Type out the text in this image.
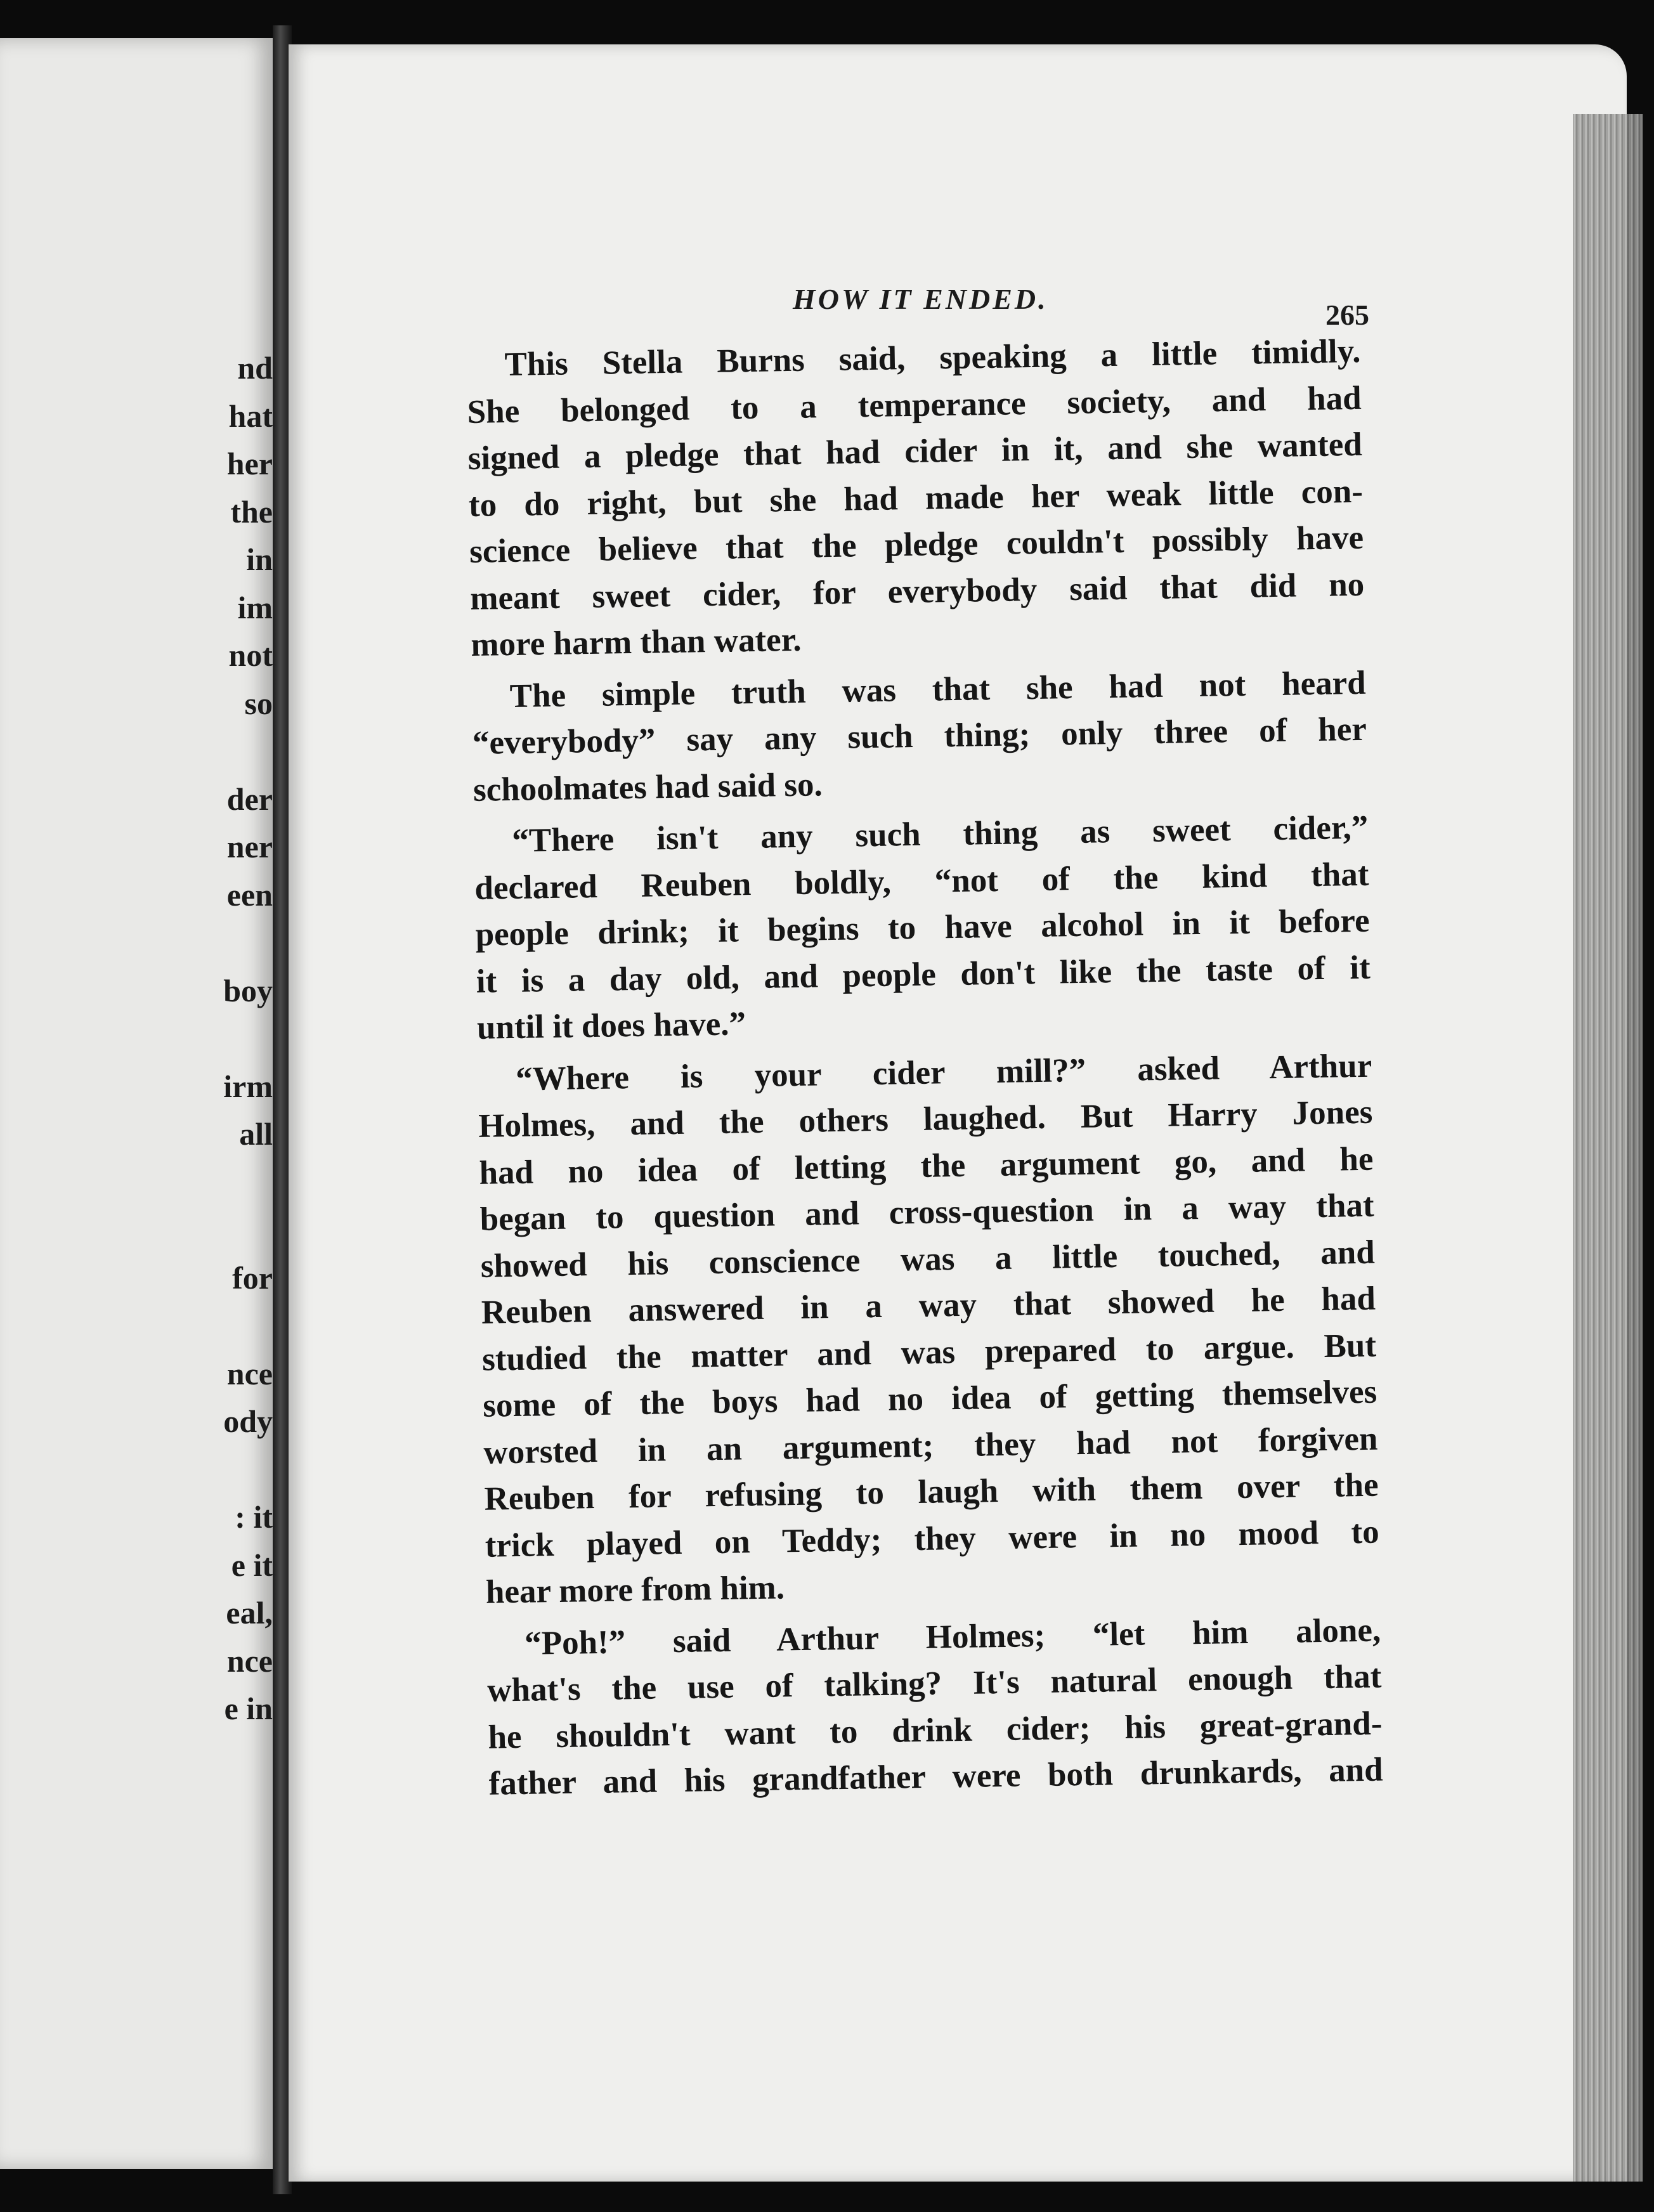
nd
hat
her
the
in
im
not
so
der
ner
een
boy
irm
all
for
nce
ody
: it
e it
eal,
nce
e in
HOW IT ENDED.	265
This Stella Burns said, speaking a little timidly.
She belonged to a temperance society, and had
signed a pledge that had cider in it, and she wanted
to do right, but she had made her weak little con-
science believe that the pledge couldn't possibly have
meant sweet cider, for everybody said that did no
more harm than water.
The simple truth was that she had not heard
“everybody” say any such thing; only three of her
schoolmates had said so.
“There isn't any such thing as sweet cider,”
declared Reuben boldly, “not of the kind that
people drink; it begins to have alcohol in it before
it is a day old, and people don't like the taste of it
until it does have.”
“Where is your cider mill?” asked Arthur
Holmes, and the others laughed. But Harry Jones
had no idea of letting the argument go, and he
began to question and cross-question in a way that
showed his conscience was a little touched, and
Reuben answered in a way that showed he had
studied the matter and was prepared to argue. But
some of the boys had no idea of getting themselves
worsted in an argument; they had not forgiven
Reuben for refusing to laugh with them over the
trick played on Teddy; they were in no mood to
hear more from him.
“Poh!” said Arthur Holmes; “let him alone,
what's the use of talking? It's natural enough that
he shouldn't want to drink cider; his great-grand-
father and his grandfather were both drunkards, and
